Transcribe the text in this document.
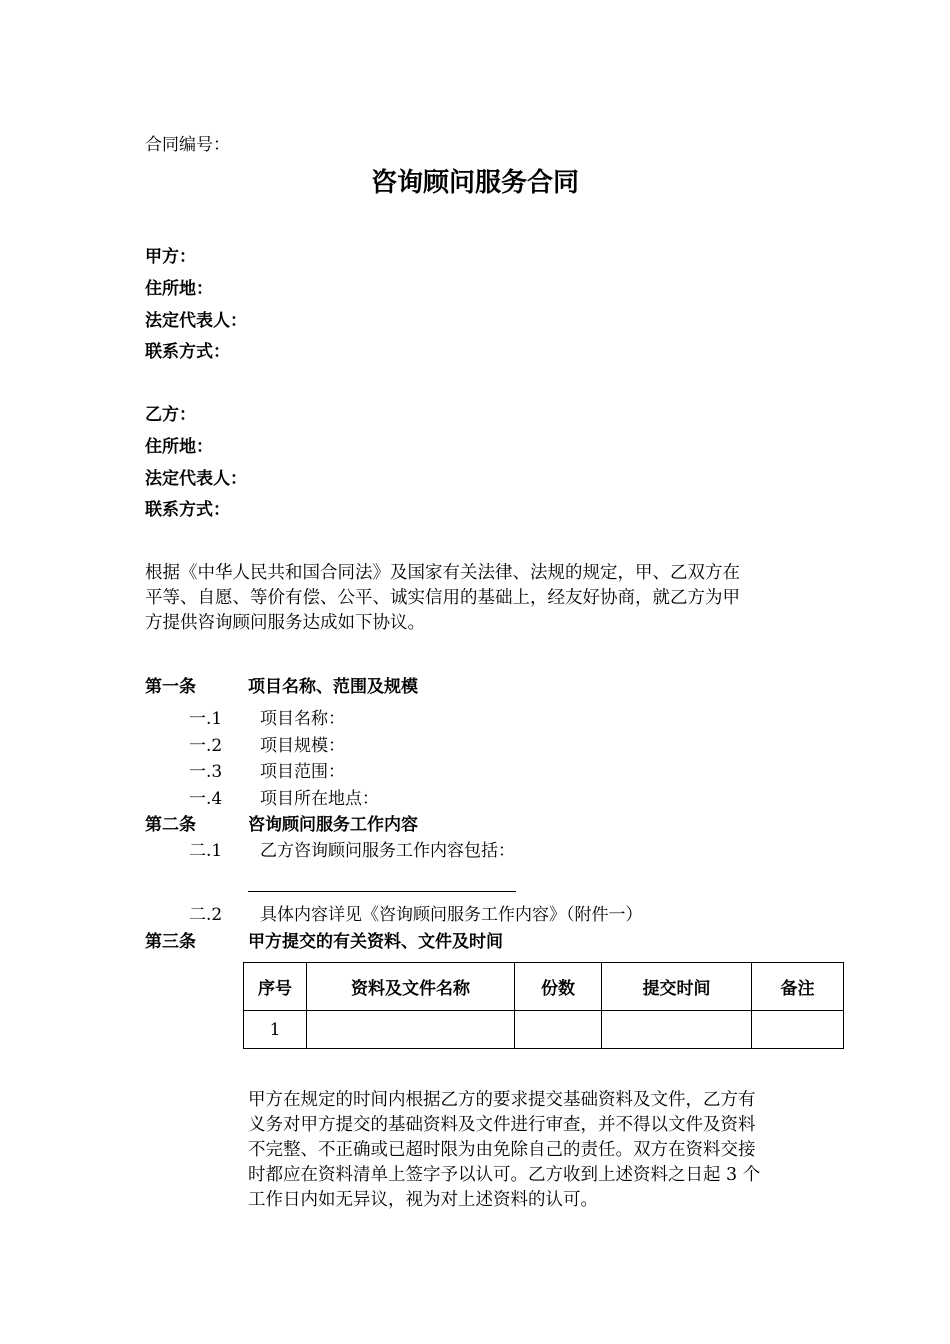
合同编号：
咨询顾问服务合同
甲方：
住所地：
法定代表人：
联系方式：
乙方：
住所地：
法定代表人：
联系方式：
根据《中华人民共和国合同法》及国家有关法律、法规的规定，甲、乙双方在
平等、自愿、等价有偿、公平、诚实信用的基础上，经友好协商，就乙方为甲
方提供咨询顾问服务达成如下协议。
第一条	项目名称、范围及规模
一.1 项目名称：
一.2 项目规模：
一.3 项目范围：
一.4 项目所在地点：
第二条	咨询顾问服务工作内容
二.1 乙方咨询顾问服务工作内容包括：
二.2 具体内容详见《咨询顾问服务工作内容》（附件一）
第三条	甲方提交的有关资料、文件及时间
序号	资料及文件名称	份数	提交时间	备注
1				
甲方在规定的时间内根据乙方的要求提交基础资料及文件，乙方有
义务对甲方提交的基础资料及文件进行审查，并不得以文件及资料
不完整、不正确或已超时限为由免除自己的责任。双方在资料交接
时都应在资料清单上签字予以认可。乙方收到上述资料之日起 3 个
工作日内如无异议，视为对上述资料的认可。
